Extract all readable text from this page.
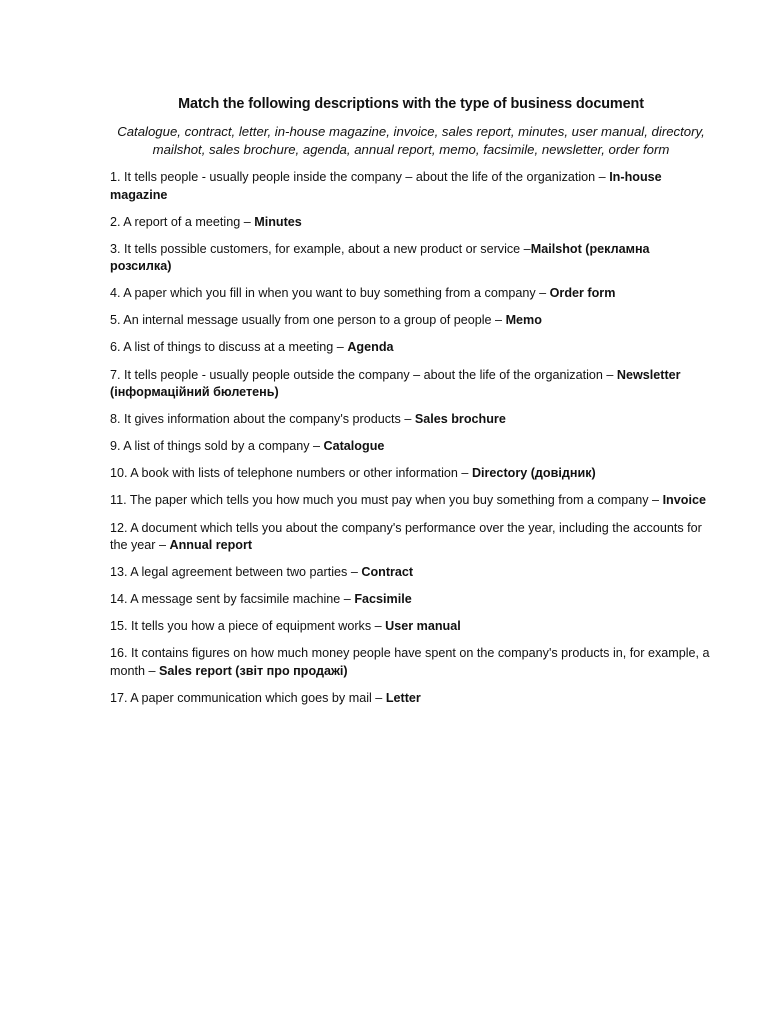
Match the following descriptions with the type of business document

Catalogue, contract, letter, in-house magazine, invoice, sales report, minutes, user manual, directory, mailshot, sales brochure, agenda, annual report, memo, facsimile, newsletter, order form

1. It tells people - usually people inside the company – about the life of the organization – In-house magazine
2. A report of a meeting – Minutes
3. It tells possible customers, for example, about a new product or service –Mailshot (рекламна розсилка)
4. A paper which you fill in when you want to buy something from a company – Order form
5. An internal message usually from one person to a group of people – Memo
6. A list of things to discuss at a meeting – Agenda
7. It tells people - usually people outside the company – about the life of the organization – Newsletter (інформаційний бюлетень)
8. It gives information about the company's products – Sales brochure
9. A list of things sold by a company – Catalogue
10. A book with lists of telephone numbers or other information – Directory (довідник)
11. The paper which tells you how much you must pay when you buy something from a company – Invoice
12. A document which tells you about the company's performance over the year, including the accounts for the year – Annual report
13. A legal agreement between two parties – Contract
14. A message sent by facsimile machine – Facsimile
15. It tells you how a piece of equipment works – User manual
16. It contains figures on how much money people have spent on the company's products in, for example, a month – Sales report (звіт про продажі)
17. A paper communication which goes by mail – Letter
